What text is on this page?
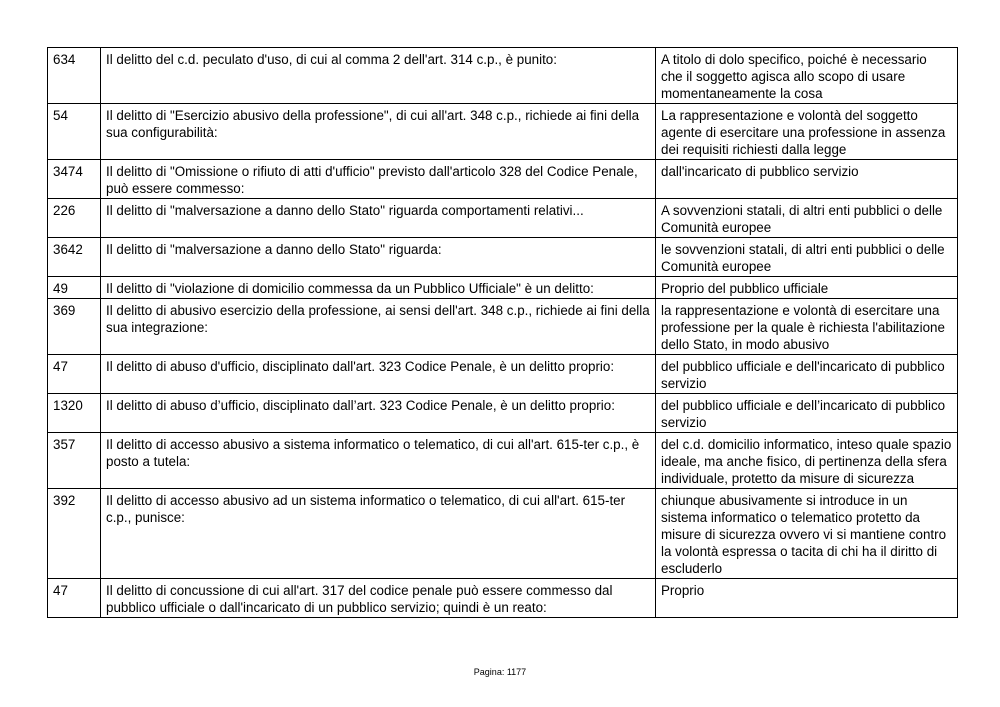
634	Il delitto del c.d. peculato d'uso, di cui al comma 2 dell'art. 314 c.p., è punito:	A titolo di dolo specifico, poiché è necessario che il soggetto agisca allo scopo di usare momentaneamente la cosa
54	Il delitto di "Esercizio abusivo della professione", di cui all'art. 348 c.p., richiede ai fini della sua configurabilità:	La rappresentazione e volontà del soggetto agente di esercitare una professione in assenza dei requisiti richiesti dalla legge
3474	Il delitto di "Omissione o rifiuto di atti d'ufficio" previsto dall'articolo 328 del Codice Penale, può essere commesso:	dall'incaricato di pubblico servizio
226	Il delitto di "malversazione a danno dello Stato" riguarda comportamenti relativi...	A sovvenzioni statali, di altri enti pubblici o delle Comunità europee
3642	Il delitto di "malversazione a danno dello Stato" riguarda:	le sovvenzioni statali, di altri enti pubblici o delle Comunità europee
49	Il delitto di "violazione di domicilio commessa da un Pubblico Ufficiale" è un delitto:	Proprio del pubblico ufficiale
369	Il delitto di abusivo esercizio della professione, ai sensi dell'art. 348 c.p., richiede ai fini della sua integrazione:	la rappresentazione e volontà di esercitare una professione per la quale è richiesta l'abilitazione dello Stato, in modo abusivo
47	Il delitto di abuso d'ufficio, disciplinato dall'art. 323 Codice Penale, è un delitto proprio:	del pubblico ufficiale e dell'incaricato di pubblico servizio
1320	Il delitto di abuso d’ufficio, disciplinato dall’art. 323 Codice Penale, è un delitto proprio:	del pubblico ufficiale e dell’incaricato di pubblico servizio
357	Il delitto di accesso abusivo a sistema informatico o telematico, di cui all'art. 615-ter c.p., è posto a tutela:	del c.d. domicilio informatico, inteso quale spazio ideale, ma anche fisico, di pertinenza della sfera individuale, protetto da misure di sicurezza
392	Il delitto di accesso abusivo ad un sistema informatico o telematico, di cui all'art. 615-ter c.p., punisce:	chiunque abusivamente si introduce in un sistema informatico o telematico protetto da misure di sicurezza ovvero vi si mantiene contro la volontà espressa o tacita di chi ha il diritto di escluderlo
47	Il delitto di concussione di cui all'art. 317 del codice penale può essere commesso dal pubblico ufficiale o dall'incaricato di un pubblico servizio; quindi è un reato:	Proprio
Pagina: 1177
